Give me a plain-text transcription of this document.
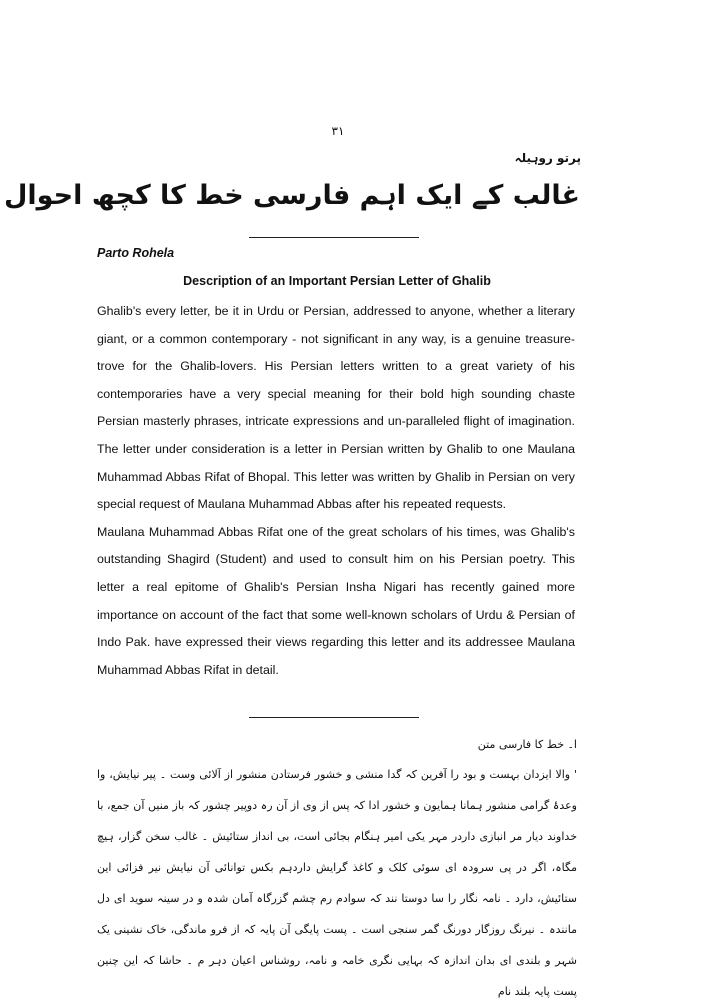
۳۱
پرتو روہیلہ
غالب کے ایک اہم فارسی خط کا کچھ احوال
Parto Rohela
Description of an Important Persian Letter of Ghalib

Ghalib's every letter, be it in Urdu or Persian, addressed to anyone, whether a literary giant, or a common contemporary - not significant in any way, is a genuine treasure-trove for the Ghalib-lovers. His Persian letters written to a great variety of his contemporaries have a very special meaning for their bold high sounding chaste Persian masterly phrases, intricate expressions and un-paralleled flight of imagination. The letter under consideration is a letter in Persian written by Ghalib to one Maulana Muhammad Abbas Rifat of Bhopal. This letter was written by Ghalib in Persian on very special request of Maulana Muhammad Abbas after his repeated requests.

Maulana Muhammad Abbas Rifat one of the great scholars of his times, was Ghalib's outstanding Shagird (Student) and used to consult him on his Persian poetry. This letter a real epitome of Ghalib's Persian Insha Nigari has recently gained more importance on account of the fact that some well-known scholars of Urdu & Persian of Indo Pak. have expressed their views regarding this letter and its addressee Maulana Muhammad Abbas Rifat in detail.

ا۔ خط کا فارسی متن

' والا ایزدان بہست و بود را آفرین کہ گدا منشی و خشور فرستادن منشور از آلائی وست ۔ پیر نیایش، وا وعدۂ گرامی منشور ہمانا ہمایون و خشور ادا کہ پس از وی از آن رہ دوپیر چشور کہ باز منیں آن جمع، با خداوند دیار مر انبازی داردر مہر یکی امیر ہنگام بجائی است، بی انداز ستائیش ۔ غالب سخن گزار، ہیچ مگاہ، اگر در پی سرودہ ای سوئی کلک و کاغذ گرایش داردہم بکس توانائی آن نیایش نیر فزائی این ستائیش، دارد ۔ نامہ نگار را سا دوستا نند کہ سوادم رم چشم گزرگاہ آمان شدہ و در سینہ سوید ای دل مانندہ ۔ نیرنگ روزگار دورنگ گمر سنجی است ۔ پست پایگی آن پایہ کہ از فرو ماندگی، خاک نشینی یک شہر و بلندی ای بدان اندازہ کہ بہایی نگری خامہ و نامہ، روشناس اعیان دہر م ۔ حاشا کہ این چنین پست پایہ بلند نام
